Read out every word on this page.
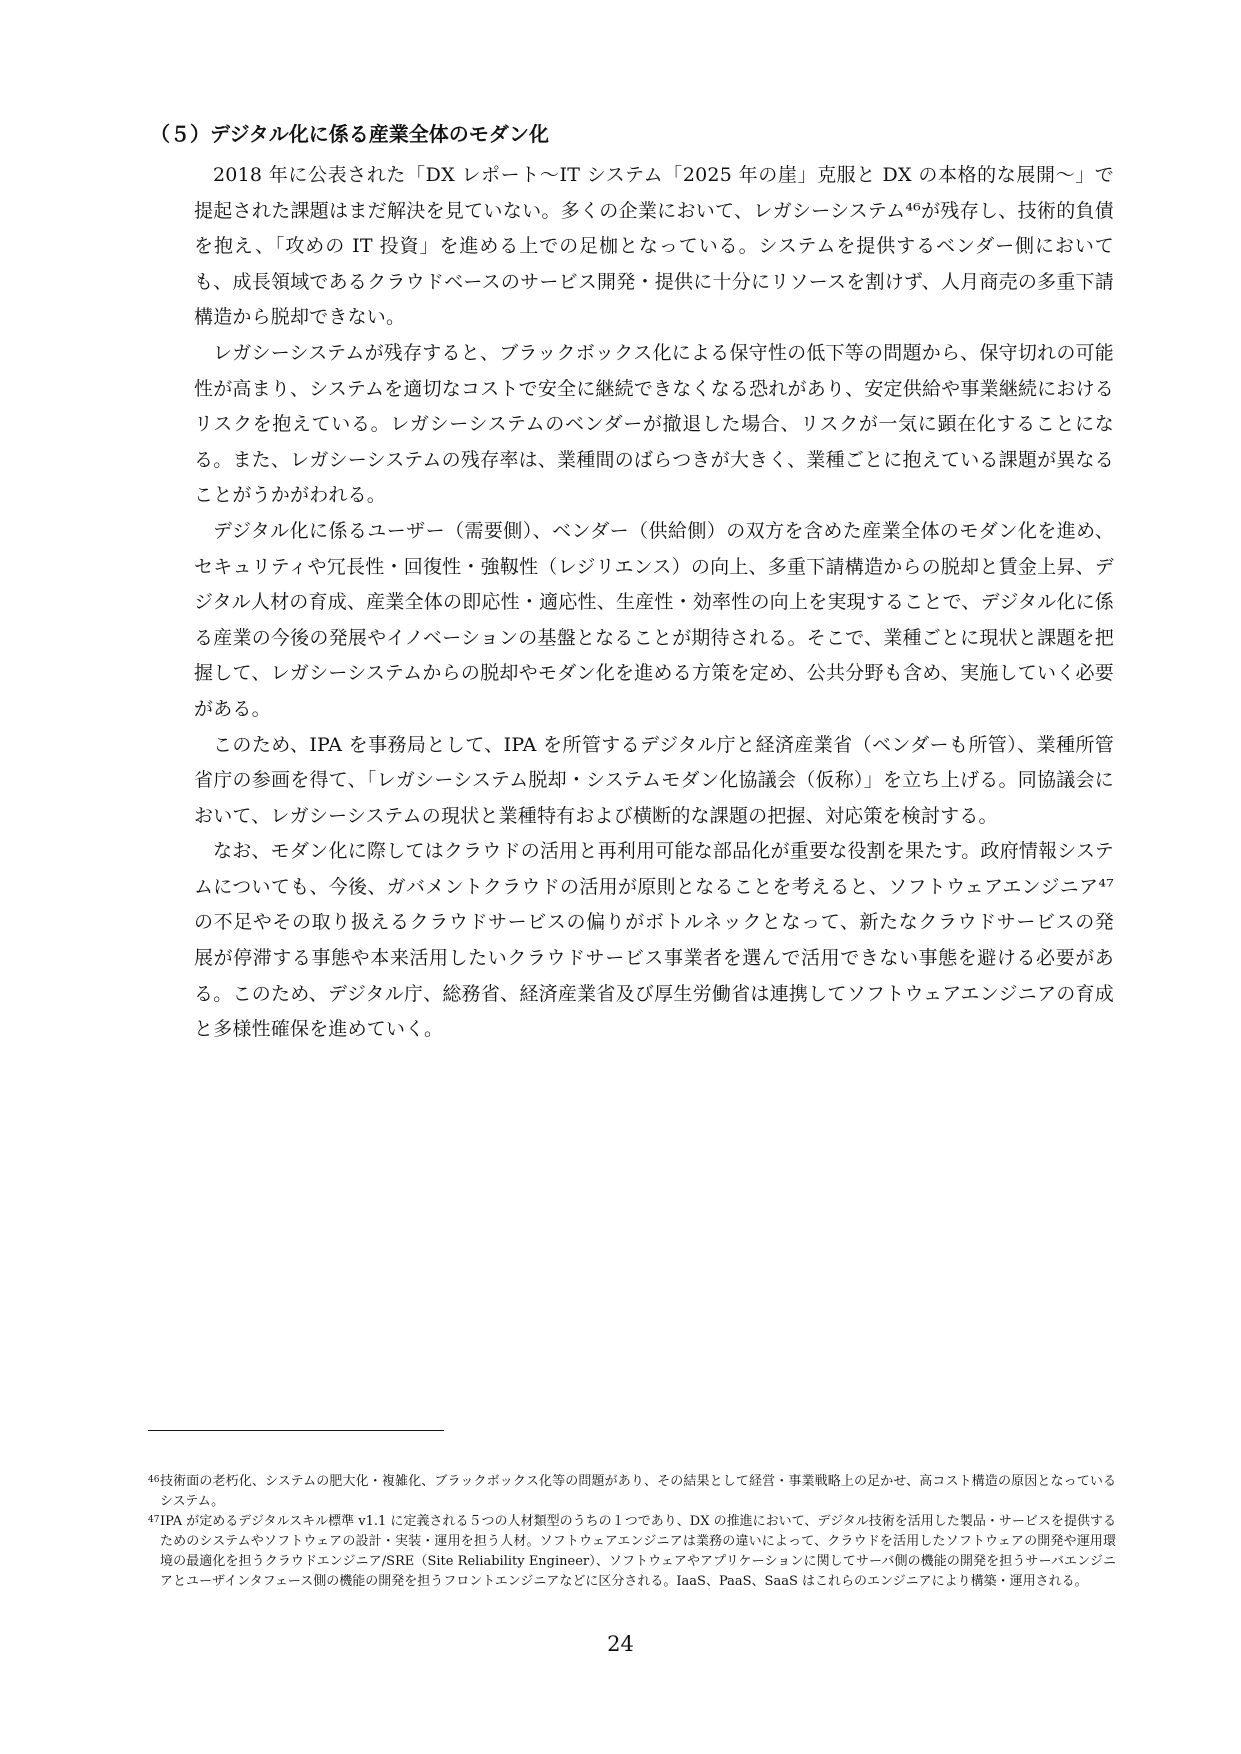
（５）デジタル化に係る産業全体のモダン化

2018 年に公表された「DX レポート〜IT システム「2025 年の崖」克服と DX の本格的な展開〜」で提起された課題はまだ解決を見ていない。多くの企業において、レガシーシステム⁴⁶が残存し、技術的負債を抱え、「攻めの IT 投資」を進める上での足枷となっている。システムを提供するベンダー側においても、成長領域であるクラウドベースのサービス開発・提供に十分にリソースを割けず、人月商売の多重下請構造から脱却できない。

レガシーシステムが残存すると、ブラックボックス化による保守性の低下等の問題から、保守切れの可能性が高まり、システムを適切なコストで安全に継続できなくなる恐れがあり、安定供給や事業継続におけるリスクを抱えている。レガシーシステムのベンダーが撤退した場合、リスクが一気に顕在化することになる。また、レガシーシステムの残存率は、業種間のばらつきが大きく、業種ごとに抱えている課題が異なることがうかがわれる。

デジタル化に係るユーザー（需要側）、ベンダー（供給側）の双方を含めた産業全体のモダン化を進め、セキュリティや冗長性・回復性・強靱性（レジリエンス）の向上、多重下請構造からの脱却と賃金上昇、デジタル人材の育成、産業全体の即応性・適応性、生産性・効率性の向上を実現することで、デジタル化に係る産業の今後の発展やイノベーションの基盤となることが期待される。そこで、業種ごとに現状と課題を把握して、レガシーシステムからの脱却やモダン化を進める方策を定め、公共分野も含め、実施していく必要がある。

このため、IPA を事務局として、IPA を所管するデジタル庁と経済産業省（ベンダーも所管）、業種所管省庁の参画を得て、「レガシーシステム脱却・システムモダン化協議会（仮称）」を立ち上げる。同協議会において、レガシーシステムの現状と業種特有および横断的な課題の把握、対応策を検討する。

なお、モダン化に際してはクラウドの活用と再利用可能な部品化が重要な役割を果たす。政府情報システムについても、今後、ガバメントクラウドの活用が原則となることを考えると、ソフトウェアエンジニア⁴⁷の不足やその取り扱えるクラウドサービスの偏りがボトルネックとなって、新たなクラウドサービスの発展が停滞する事態や本来活用したいクラウドサービス事業者を選んで活用できない事態を避ける必要がある。このため、デジタル庁、総務省、経済産業省及び厚生労働省は連携してソフトウェアエンジニアの育成と多様性確保を進めていく。

46 技術面の老朽化、システムの肥大化・複雑化、ブラックボックス化等の問題があり、その結果として経営・事業戦略上の足かせ、高コスト構造の原因となっているシステム。
47 IPA が定めるデジタルスキル標準 v1.1 に定義される５つの人材類型のうちの１つであり、DX の推進において、デジタル技術を活用した製品・サービスを提供するためのシステムやソフトウェアの設計・実装・運用を担う人材。ソフトウェアエンジニアは業務の違いによって、クラウドを活用したソフトウェアの開発や運用環境の最適化を担うクラウドエンジニア/SRE（Site Reliability Engineer）、ソフトウェアやアプリケーションに関してサーバ側の機能の開発を担うサーバエンジニアとユーザインタフェース側の機能の開発を担うフロントエンジニアなどに区分される。IaaS、PaaS、SaaS はこれらのエンジニアにより構築・運用される。
24
